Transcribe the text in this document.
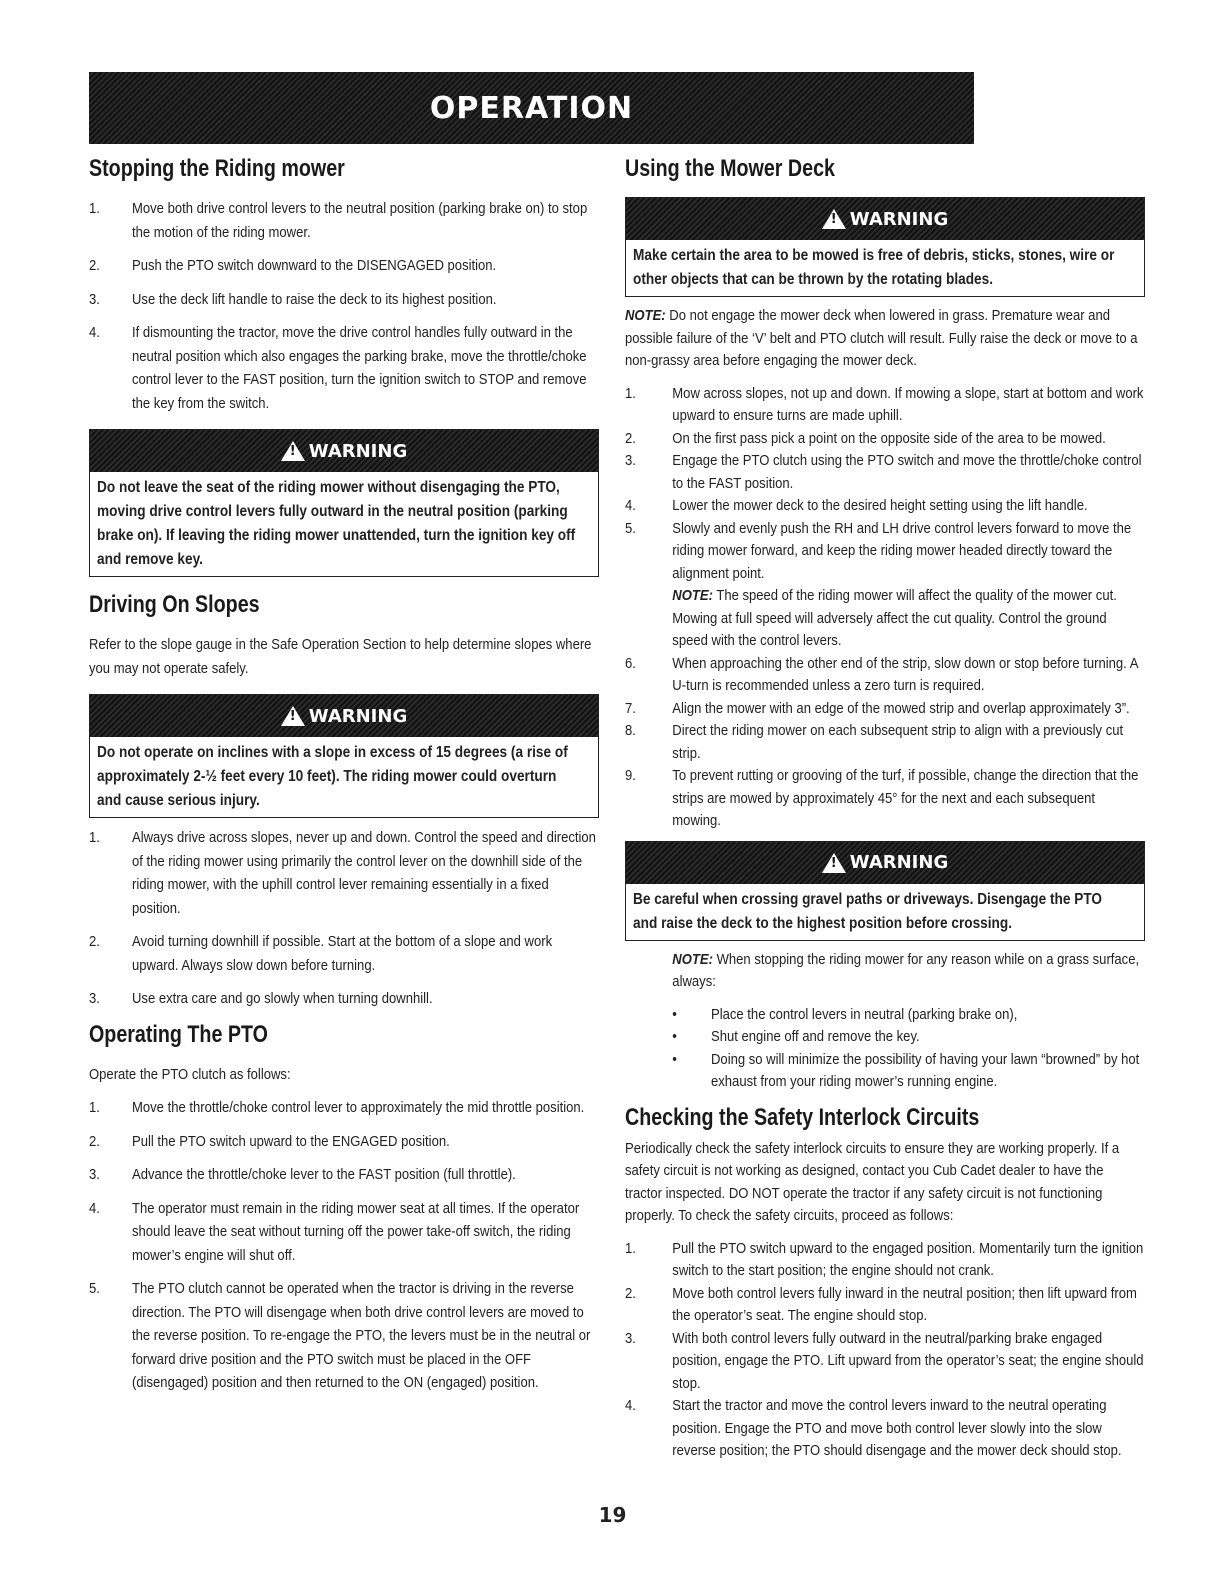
OPERATION
Stopping the Riding mower
1. Move both drive control levers to the neutral position (parking brake on) to stop the motion of the riding mower.
2. Push the PTO switch downward to the DISENGAGED position.
3. Use the deck lift handle to raise the deck to its highest position.
4. If dismounting the tractor, move the drive control handles fully outward in the neutral position which also engages the parking brake, move the throttle/choke control lever to the FAST position, turn the ignition switch to STOP and remove the key from the switch.
!
WARNING
Do not leave the seat of the riding mower without disengaging the PTO, moving drive control levers fully outward in the neutral position (parking brake on). If leaving the riding mower unattended, turn the ignition key off and remove key.
Driving On Slopes

Refer to the slope gauge in the Safe Operation Section to help determine slopes where you may not operate safely.

!
WARNING
Do not operate on inclines with a slope in excess of 15 degrees (a rise of approximately 2-½ feet every 10 feet). The riding mower could overturn and cause serious injury.
1. Always drive across slopes, never up and down. Control the speed and direction of the riding mower using primarily the control lever on the downhill side of the riding mower, with the uphill control lever remaining essentially in a fixed position.
2. Avoid turning downhill if possible. Start at the bottom of a slope and work upward. Always slow down before turning.
3. Use extra care and go slowly when turning downhill.
Operating The PTO

Operate the PTO clutch as follows:

1. Move the throttle/choke control lever to approximately the mid throttle position.
2. Pull the PTO switch upward to the ENGAGED position.
3. Advance the throttle/choke lever to the FAST position (full throttle).
4. The operator must remain in the riding mower seat at all times. If the operator should leave the seat without turning off the power take-off switch, the riding mower’s engine will shut off.
5. The PTO clutch cannot be operated when the tractor is driving in the reverse direction. The PTO will disengage when both drive control levers are moved to the reverse position. To re-engage the PTO, the levers must be in the neutral or forward drive position and the PTO switch must be placed in the OFF (disengaged) position and then returned to the ON (engaged) position.
Using the Mower Deck
!
WARNING
Make certain the area to be mowed is free of debris, sticks, stones, wire or other objects that can be thrown by the rotating blades.

NOTE: Do not engage the mower deck when lowered in grass. Premature wear and possible failure of the ‘V’ belt and PTO clutch will result. Fully raise the deck or move to a non-grassy area before engaging the mower deck.

1. Mow across slopes, not up and down. If mowing a slope, start at bottom and work upward to ensure turns are made uphill.
2. On the first pass pick a point on the opposite side of the area to be mowed.
3. Engage the PTO clutch using the PTO switch and move the throttle/choke control to the FAST position.
4. Lower the mower deck to the desired height setting using the lift handle.
5. Slowly and evenly push the RH and LH drive control levers forward to move the riding mower forward, and keep the riding mower headed directly toward the alignment point.
NOTE: The speed of the riding mower will affect the quality of the mower cut. Mowing at full speed will adversely affect the cut quality. Control the ground speed with the control levers.
6. When approaching the other end of the strip, slow down or stop before turning. A U-turn is recommended unless a zero turn is required.
7. Align the mower with an edge of the mowed strip and overlap approximately 3”.
8. Direct the riding mower on each subsequent strip to align with a previously cut strip.
9. To prevent rutting or grooving of the turf, if possible, change the direction that the strips are mowed by approximately 45° for the next and each subsequent mowing.
!
WARNING
Be careful when crossing gravel paths or driveways. Disengage the PTO and raise the deck to the highest position before crossing.

NOTE: When stopping the riding mower for any reason while on a grass surface, always:

• Place the control levers in neutral (parking brake on),
• Shut engine off and remove the key.
• Doing so will minimize the possibility of having your lawn “browned” by hot exhaust from your riding mower’s running engine.
Checking the Safety Interlock Circuits

Periodically check the safety interlock circuits to ensure they are working properly. If a safety circuit is not working as designed, contact you Cub Cadet dealer to have the tractor inspected. DO NOT operate the tractor if any safety circuit is not functioning properly. To check the safety circuits, proceed as follows:

1. Pull the PTO switch upward to the engaged position. Momentarily turn the ignition switch to the start position; the engine should not crank.
2. Move both control levers fully inward in the neutral position; then lift upward from the operator’s seat. The engine should stop.
3. With both control levers fully outward in the neutral/parking brake engaged position, engage the PTO. Lift upward from the operator’s seat; the engine should stop.
4. Start the tractor and move the control levers inward to the neutral operating position. Engage the PTO and move both control lever slowly into the slow reverse position; the PTO should disengage and the mower deck should stop.
19
